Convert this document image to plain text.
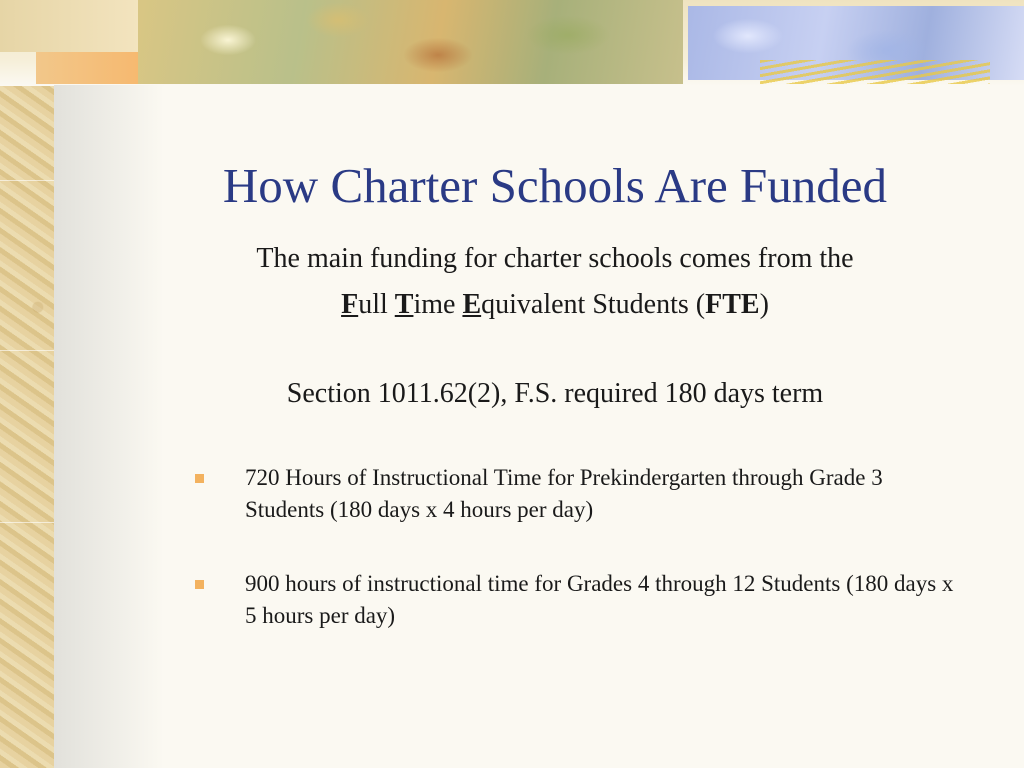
How Charter Schools Are Funded
The main funding for charter schools comes from the
Full Time Equivalent Students (FTE)
Section 1011.62(2), F.S. required 180 days term
720 Hours of Instructional Time for Prekindergarten through Grade 3 Students (180 days x 4 hours per day)
900 hours of instructional time for Grades 4 through 12 Students (180 days x 5 hours per day)
